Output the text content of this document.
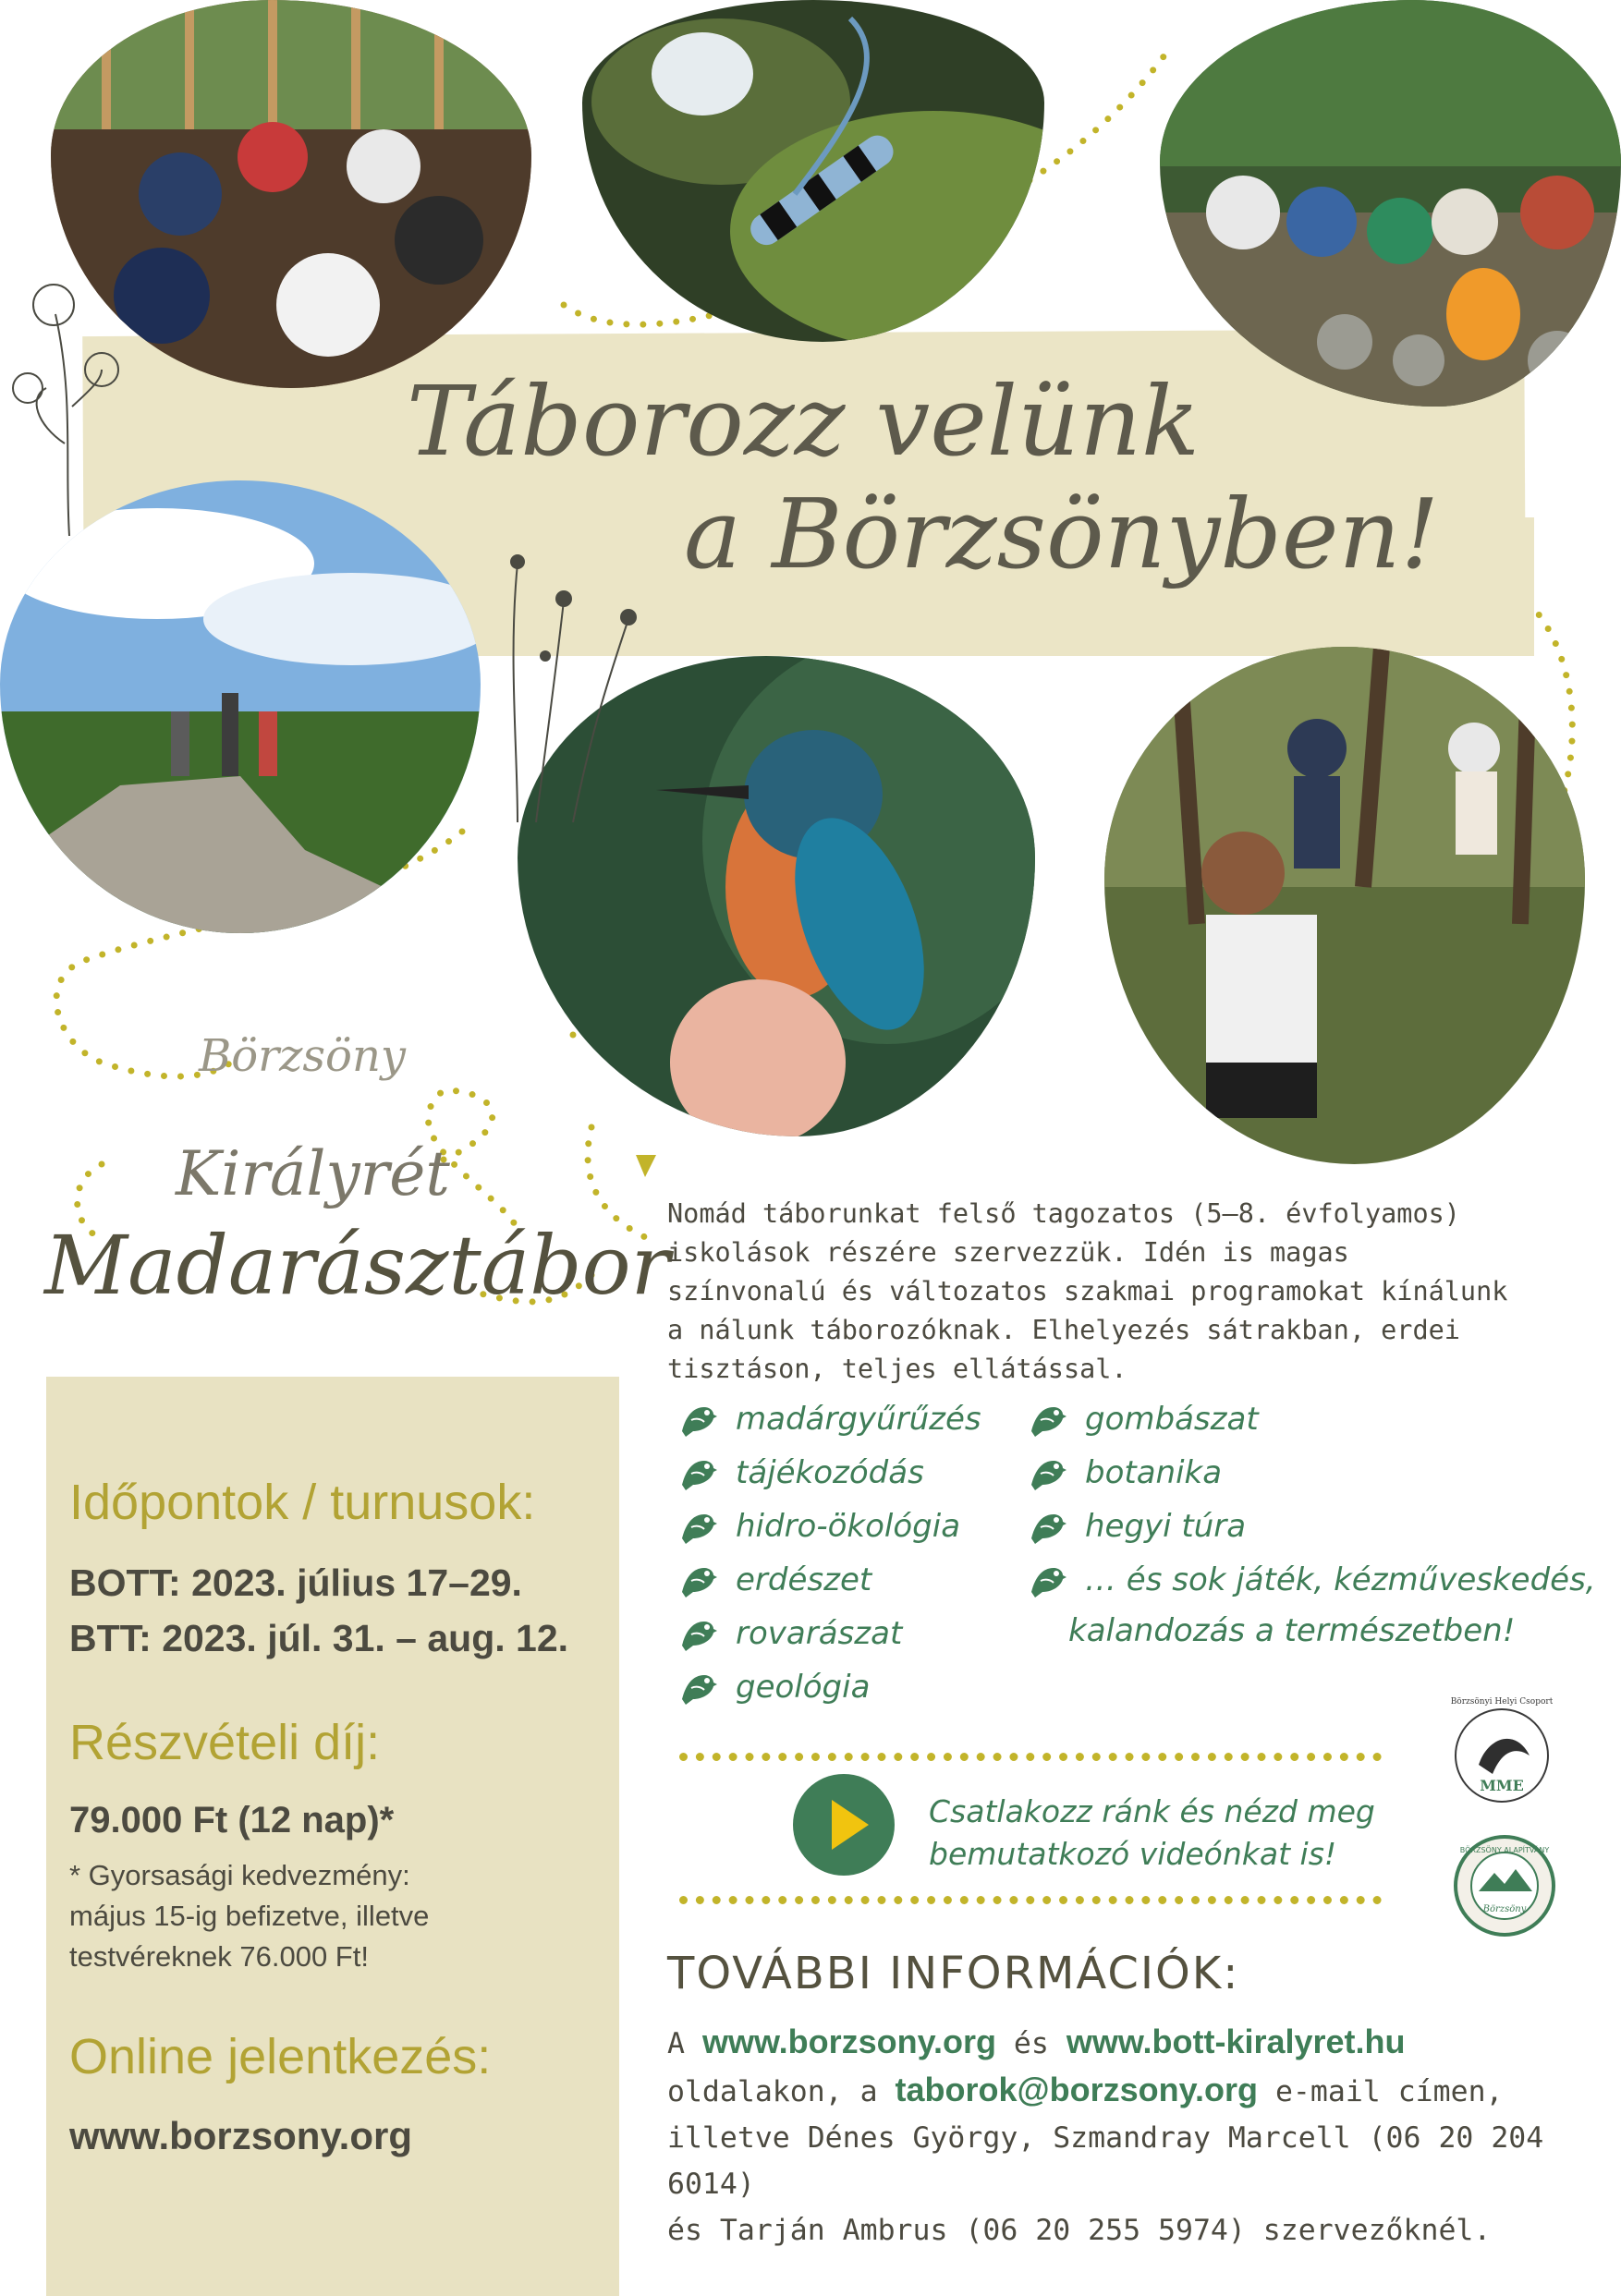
Táborozz velünk
a Börzsönyben!
Börzsöny
Királyrét
Madarásztábor
Időpontok / turnusok:
BOTT: 2023. július 17–29.
BTT: 2023. júl. 31. – aug. 12.
Részvételi díj:
79.000 Ft (12 nap)*
* Gyorsasági kedvezmény:
május 15-ig befizetve, illetve
testvéreknek 76.000 Ft!
Online jelentkezés:
www.borzsony.org
Nomád táborunkat felső tagozatos (5–8. évfolyamos) iskolások részére szervezzük. Idén is magas színvonalú és változatos szakmai programokat kínálunk a nálunk táborozóknak. Elhelyezés sátrakban, erdei tisztáson, teljes ellátással.
madárgyűrűzés
tájékozódás
hidro-ökológia
erdészet
rovarászat
geológia
gombászat
botanika
hegyi túra
… és sok játék, kézműveskedés,
kalandozás a természetben!
Csatlakozz ránk és nézd meg
bemutatkozó videónkat is!
MME
Börzsönyi Helyi Csoport
BÖRZSÖNY ALAPÍTVÁNY
Börzsöny
TOVÁBBI INFORMÁCIÓK:
A www.borzsony.org és www.bott-kiralyret.hu
oldalakon, a taborok@borzsony.org e-mail címen,
illetve Dénes György, Szmandray Marcell (06 20 204 6014)
és Tarján Ambrus (06 20 255 5974) szervezőknél.
